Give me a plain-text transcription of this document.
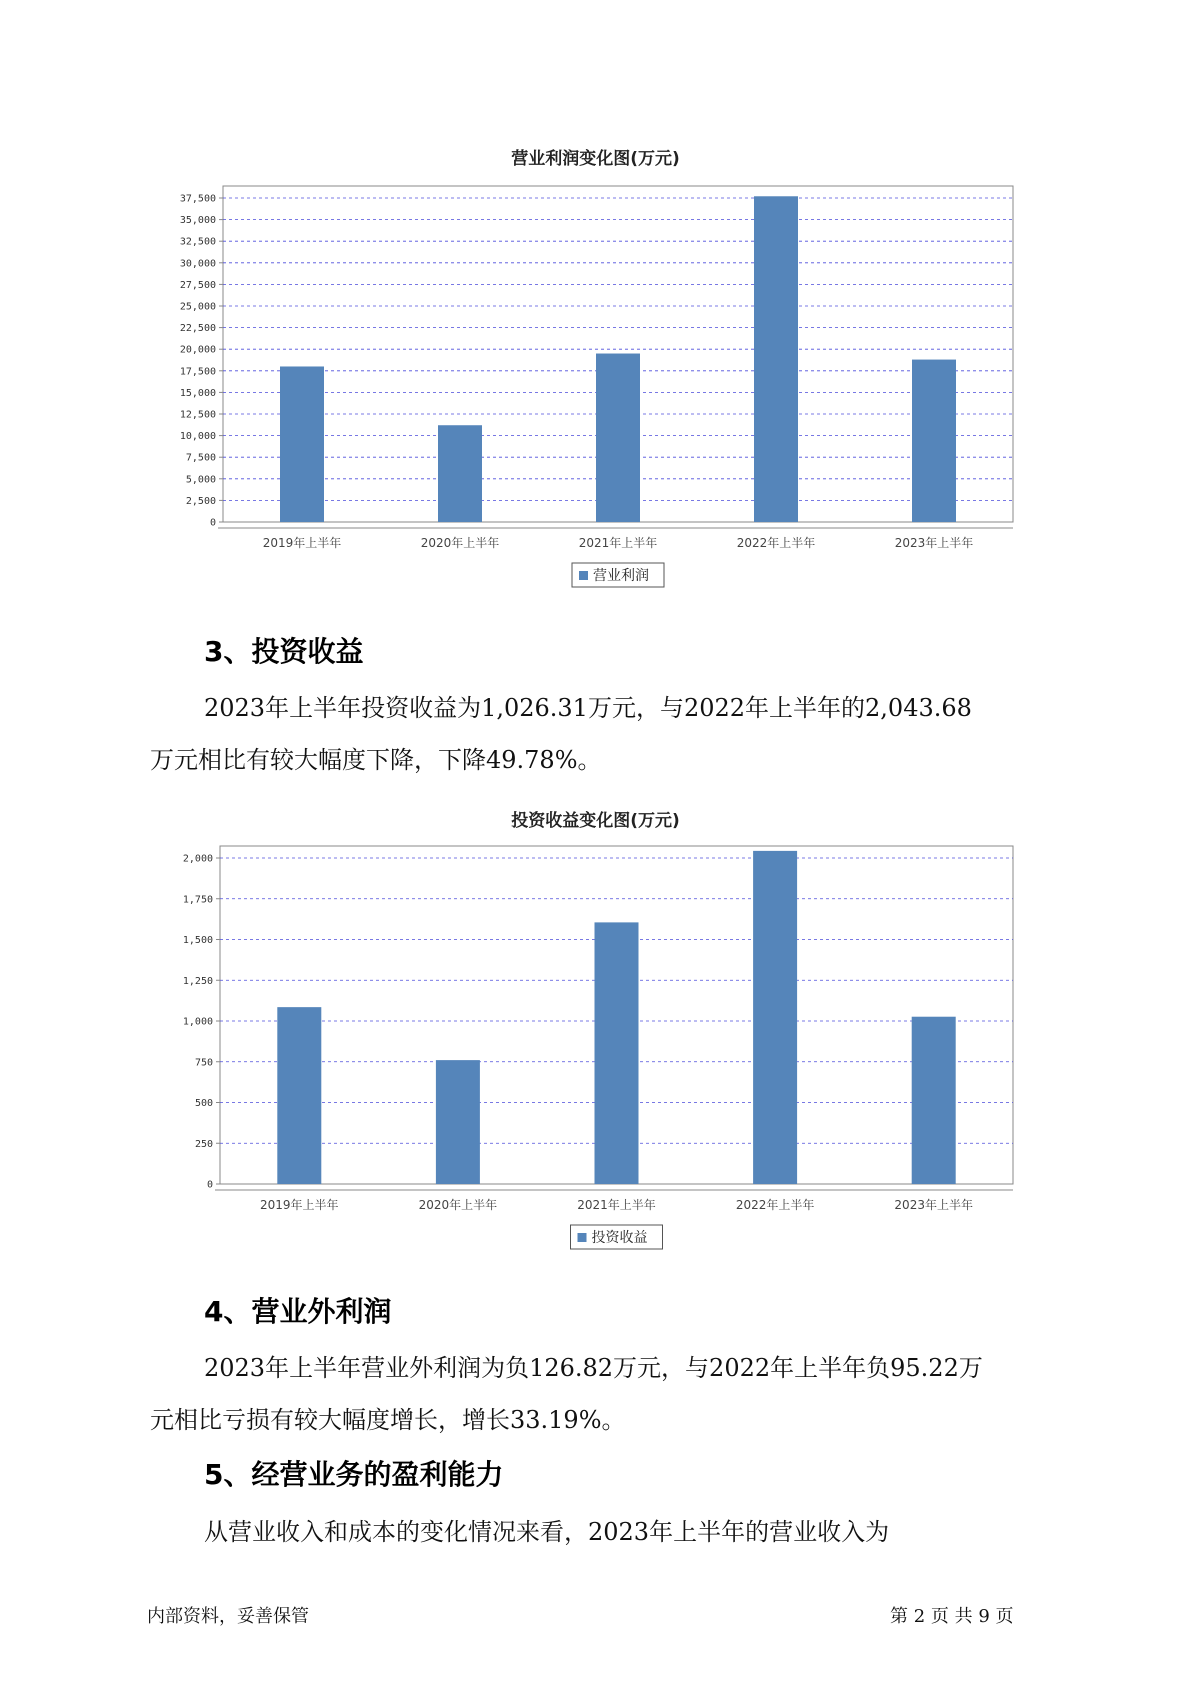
营业利润变化图(万元)
0
2,500
5,000
7,500
10,000
12,500
15,000
17,500
20,000
22,500
25,000
27,500
30,000
32,500
35,000
37,500
2019年上半年	2020年上半年	2021年上半年	2022年上半年	2023年上半年
营业利润
3、投资收益
2023年上半年投资收益为1,026.31万元，与2022年上半年的2,043.68
万元相比有较大幅度下降，下降49.78%。
投资收益变化图(万元)
0
250
500
750
1,000
1,250
1,500
1,750
2,000
2019年上半年	2020年上半年	2021年上半年	2022年上半年	2023年上半年
投资收益
4、营业外利润
2023年上半年营业外利润为负126.82万元，与2022年上半年负95.22万
元相比亏损有较大幅度增长，增长33.19%。
5、经营业务的盈利能力
从营业收入和成本的变化情况来看，2023年上半年的营业收入为
内部资料，妥善保管	第 2 页 共 9 页
